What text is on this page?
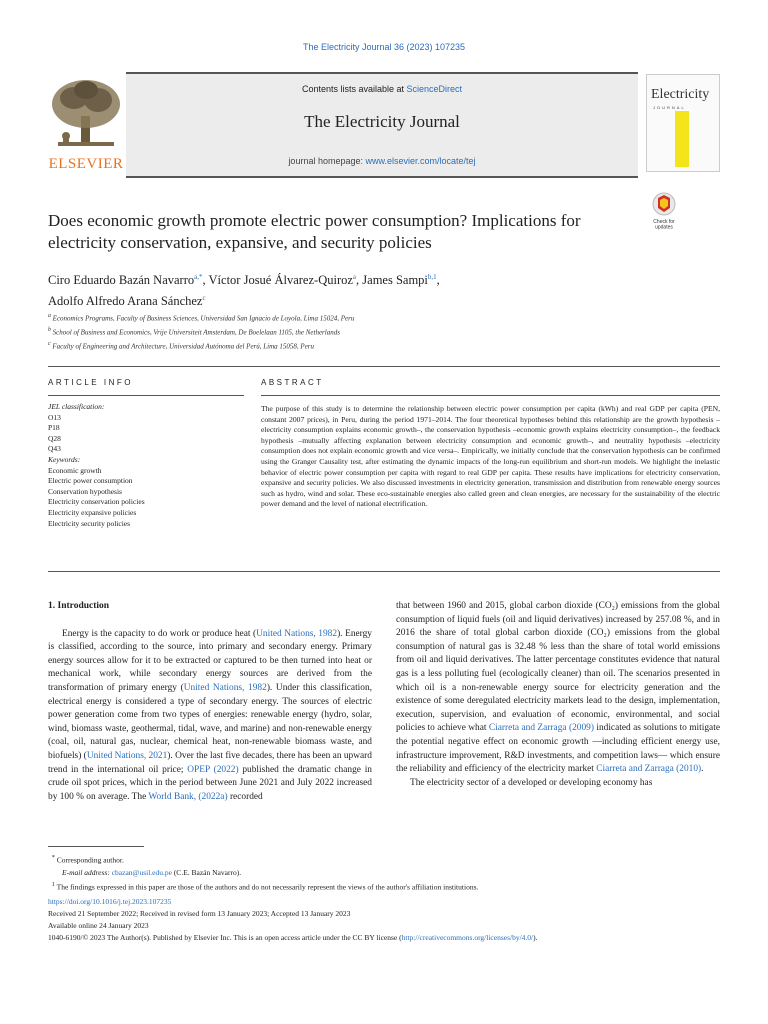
The Electricity Journal 36 (2023) 107235
ELSEVIER
Contents lists available at ScienceDirect
The Electricity Journal
journal homepage: www.elsevier.com/locate/tej
Electricity
JOURNAL
Does economic growth promote electric power consumption? Implications for electricity conservation, expansive, and security policies
Check for
updates
Ciro Eduardo Bazán Navarro$^{a,*}$, Víctor Josué Álvarez-Quiroz$^a$, James Sampi$^{b,1}$,
Adolfo Alfredo Arana Sánchez$^c$
$^a$ Economics Programs, Faculty of Business Sciences, Universidad San Ignacio de Loyola, Lima 15024, Peru
$^b$ School of Business and Economics, Vrije Universiteit Amsterdam, De Boelelaan 1105, the Netherlands
$^c$ Faculty of Engineering and Architecture, Universidad Autónoma del Perú, Lima 15058, Peru
ARTICLE INFO	ABSTRACT
JEL classification:
O13
P18
Q28
Q43
Keywords:
Economic growth
Electric power consumption
Conservation hypothesis
Electricity conservation policies
Electricity expansive policies
Electricity security policies
The purpose of this study is to determine the relationship between electric power consumption per capita (kWh) and real GDP per capita (PEN, constant 2007 prices), in Peru, during the period 1971–2014. The four theoretical hypotheses behind this relationship are the growth hypothesis –electricity consumption explains economic growth–, the conservation hypothesis –economic growth explains electricity consumption–, the feedback hypothesis –mutually affecting explanation between electricity consumption and economic growth–, and neutrality hypothesis –electricity consumption does not explain economic growth and vice versa–. Empirically, we initially conclude that the conservation hypothesis can be confirmed using the Granger Causality test, after estimating the dynamic impacts of the long-run equilibrium and short-run models. We highlight the inelastic behavior of electric power consumption per capita with regard to real GDP per capita. These results have implications for electricity conservation, expansive and security policies. We also discussed investments in electricity generation, transmission and distribution from renewable energy sources such as hydro, wind and solar. These eco-sustainable energies also called green and clean energies, are necessary for the sustainability of the electric power demand and the level of national electrification.
1. Introduction

Energy is the capacity to do work or produce heat (United Nations, 1982). Energy is classified, according to the source, into primary and secondary energy. Primary energy sources allow for it to be extracted or captured to be then turned into heat or mechanical work, while secondary energy sources are derived from the transformation of primary energy (United Nations, 1982). Under this classification, electrical energy is considered a type of secondary energy. The sources of electric power generation come from two types of energies: renewable energy (hydro, solar, wind, biomass waste, geothermal, tidal, wave, and marine) and non-renewable energy (coal, oil, natural gas, nuclear, chemical heat, non-renewable biomass waste, and biofuels) (United Nations, 2021). Over the last five decades, there has been an upward trend in the international oil price; OPEP (2022) published the dramatic change in crude oil spot prices, which in the period between June 2021 and July 2022 increased by 100 % on average. The World Bank, (2022a) recorded

that between 1960 and 2015, global carbon dioxide (CO₂) emissions from the global consumption of liquid fuels (oil and liquid derivatives) increased by 257.08 %, and in 2016 the share of total global carbon dioxide (CO₂) emissions from the global consumption of natural gas is 32.48 % less than the share of total world emissions from oil and liquid derivatives. The latter percentage constitutes evidence that natural gas is a less polluting fuel (ecologically cleaner) than oil. The scenarios presented in which oil is a non-renewable energy source for electricity generation and the existence of some deregulated electricity markets lead to the design, implementation, execution, supervision, and evaluation of economic, environmental, and social policies to achieve what Ciarreta and Zarraga (2009) indicated as solutions to mitigate the potential negative effect on economic growth —including efficient energy use, infrastructure improvement, R&D investments, and competition laws— which ensure the reliability and efficiency of the electricity market Ciarreta and Zarraga (2010).

The electricity sector of a developed or developing economy has

* Corresponding author.
E-mail address: cbazan@usil.edu.pe (C.E. Bazán Navarro).
$^1$ The findings expressed in this paper are those of the authors and do not necessarily represent the views of the author's affiliation institutions.
https://doi.org/10.1016/j.tej.2023.107235
Received 21 September 2022; Received in revised form 13 January 2023; Accepted 13 January 2023
Available online 24 January 2023
1040-6190/© 2023 The Author(s). Published by Elsevier Inc. This is an open access article under the CC BY license (http://creativecommons.org/licenses/by/4.0/).
